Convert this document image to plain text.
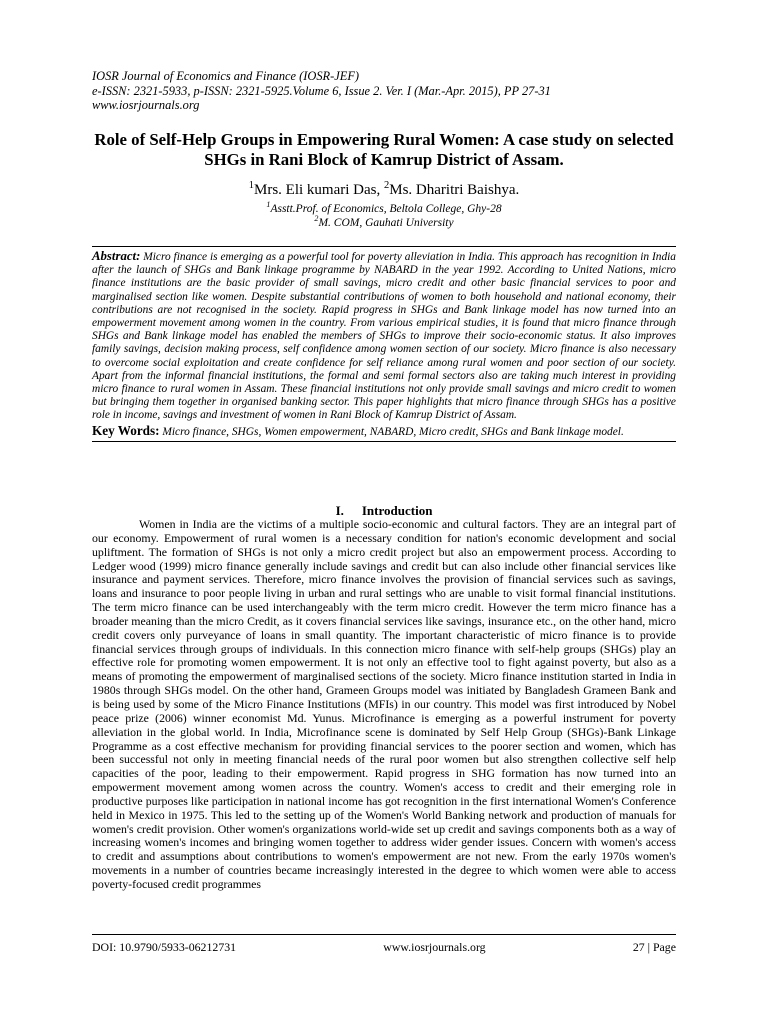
IOSR Journal of Economics and Finance (IOSR-JEF)
e-ISSN: 2321-5933, p-ISSN: 2321-5925.Volume 6, Issue 2. Ver. I (Mar.-Apr. 2015), PP 27-31
www.iosrjournals.org
Role of Self-Help Groups in Empowering Rural Women: A case study on selected SHGs in Rani Block of Kamrup District of Assam.
$^1$Mrs. Eli kumari Das, $^2$Ms. Dharitri Baishya.
$^1$Asstt.Prof. of Economics, Beltola College, Ghy-28
$^2$M. COM, Gauhati University

Abstract: Micro finance is emerging as a powerful tool for poverty alleviation in India. This approach has recognition in India after the launch of SHGs and Bank linkage programme by NABARD in the year 1992. According to United Nations, micro finance institutions are the basic provider of small savings, micro credit and other basic financial services to poor and marginalised section like women. Despite substantial contributions of women to both household and national economy, their contributions are not recognised in the society. Rapid progress in SHGs and Bank linkage model has now turned into an empowerment movement among women in the country. From various empirical studies, it is found that micro finance through SHGs and Bank linkage model has enabled the members of SHGs to improve their socio-economic status. It also improves family savings, decision making process, self confidence among women section of our society. Micro finance is also necessary to overcome social exploitation and create confidence for self reliance among rural women and poor section of our society. Apart from the informal financial institutions, the formal and semi formal sectors also are taking much interest in providing micro finance to rural women in Assam. These financial institutions not only provide small savings and micro credit to women but bringing them together in organised banking sector. This paper highlights that micro finance through SHGs has a positive role in income, savings and investment of women in Rani Block of Kamrup District of Assam.

Key Words: Micro finance, SHGs, Women empowerment, NABARD, Micro credit, SHGs and Bank linkage model.

I. Introduction

Women in India are the victims of a multiple socio-economic and cultural factors. They are an integral part of our economy. Empowerment of rural women is a necessary condition for nation's economic development and social upliftment. The formation of SHGs is not only a micro credit project but also an empowerment process. According to Ledger wood (1999) micro finance generally include savings and credit but can also include other financial services like insurance and payment services. Therefore, micro finance involves the provision of financial services such as savings, loans and insurance to poor people living in urban and rural settings who are unable to visit formal financial institutions. The term micro finance can be used interchangeably with the term micro credit. However the term micro finance has a broader meaning than the micro Credit, as it covers financial services like savings, insurance etc., on the other hand, micro credit covers only purveyance of loans in small quantity. The important characteristic of micro finance is to provide financial services through groups of individuals. In this connection micro finance with self-help groups (SHGs) play an effective role for promoting women empowerment. It is not only an effective tool to fight against poverty, but also as a means of promoting the empowerment of marginalised sections of the society. Micro finance institution started in India in 1980s through SHGs model. On the other hand, Grameen Groups model was initiated by Bangladesh Grameen Bank and is being used by some of the Micro Finance Institutions (MFIs) in our country. This model was first introduced by Nobel peace prize (2006) winner economist Md. Yunus. Microfinance is emerging as a powerful instrument for poverty alleviation in the global world. In India, Microfinance scene is dominated by Self Help Group (SHGs)-Bank Linkage Programme as a cost effective mechanism for providing financial services to the poorer section and women, which has been successful not only in meeting financial needs of the rural poor women but also strengthen collective self help capacities of the poor, leading to their empowerment. Rapid progress in SHG formation has now turned into an empowerment movement among women across the country. Women's access to credit and their emerging role in productive purposes like participation in national income has got recognition in the first international Women's Conference held in Mexico in 1975. This led to the setting up of the Women's World Banking network and production of manuals for women's credit provision. Other women's organizations world-wide set up credit and savings components both as a way of increasing women's incomes and bringing women together to address wider gender issues. Concern with women's access to credit and assumptions about contributions to women's empowerment are not new. From the early 1970s women's movements in a number of countries became increasingly interested in the degree to which women were able to access poverty-focused credit programmes

DOI: 10.9790/5933-06212731	www.iosrjournals.org	27 | Page
